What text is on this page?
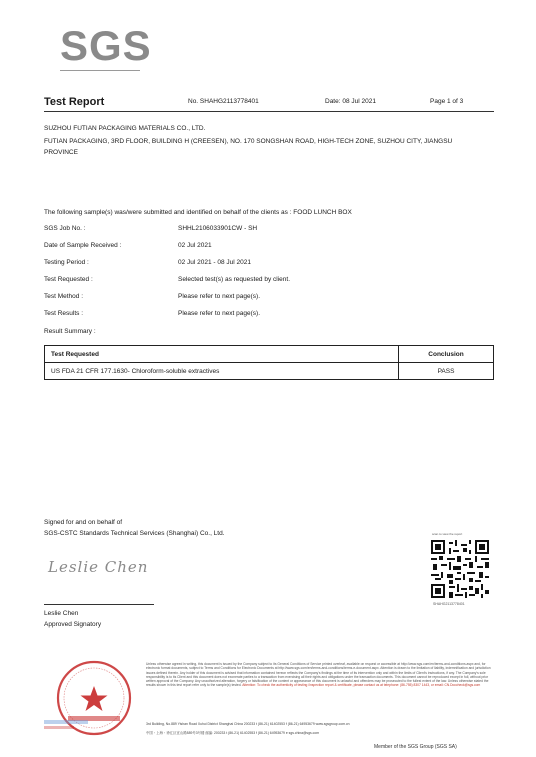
SGS
Test Report	No. SHAHG2113778401	Date: 08 Jul 2021	Page 1 of 3
SUZHOU FUTIAN PACKAGING MATERIALS CO., LTD.
FUTIAN PACKAGING, 3RD FLOOR, BUILDING H (CREESEN), NO. 170 SONGSHAN ROAD, HIGH-TECH ZONE, SUZHOU CITY, JIANGSU PROVINCE
The following sample(s) was/were submitted and identified on behalf of the clients as : FOOD LUNCH BOX
SGS Job No. :	SHHL2106033901CW - SH
Date of Sample Received :	02 Jul 2021
Testing Period :	02 Jul 2021 - 08 Jul 2021
Test Requested :	Selected test(s) as requested by client.
Test Method :	Please refer to next page(s).
Test Results :	Please refer to next page(s).
Result Summary :
Test Requested	Conclusion
US FDA 21 CFR 177.1630- Chloroform-soluble extractives	PASS
Signed for and on behalf of
SGS-CSTC Standards Technical Services (Shanghai) Co., Ltd.	scan to view the report
SHAHG2113778401
Leslie Chen
Leslie Chen
Approved Signatory
Unless otherwise agreed in writing, this document is issued by the Company subject to its General Conditions of Service printed overleaf, available on request or accessible at http://www.sgs.com/en/terms-and-conditions.aspx and, for electronic format documents, subject to Terms and Conditions for Electronic Documents at http://www.sgs.com/en/terms-and-conditions/terms-e-document.aspx. Attention is drawn to the limitation of liability, indemnification and jurisdiction issues defined therein. Any holder of this document is advised that information contained hereon reflects the Company's findings at the time of its intervention only and within the limits of Client's instructions, if any. The Company's sole responsibility is to its Client and this document does not exonerate parties to a transaction from exercising all their rights and obligations under the transaction documents. This document cannot be reproduced except in full, without prior written approval of the Company. Any unauthorized alteration, forgery or falsification of the content or appearance of this document is unlawful and offenders may be prosecuted to the fullest extent of the law. Unless otherwise stated the results shown in this test report refer only to the sample(s) tested. Attention: To check the authenticity of testing /inspection report & certificate, please contact us at telephone: (86-755) 8307 1443, or email: CN.Doccheck@sgs.com
3rd Building, No.889 Yishan Road Xuhui District Shanghai China 200233 t (86-21) 61402553 f (86-21) 64953679 www.sgsgroup.com.cn
中国・上海・徐汇区宜山路889号3号楼 邮编: 200233 t (86-21) 61402553 f (86-21) 64953679 e sgs.china@sgs.com
Member of the SGS Group (SGS SA)
